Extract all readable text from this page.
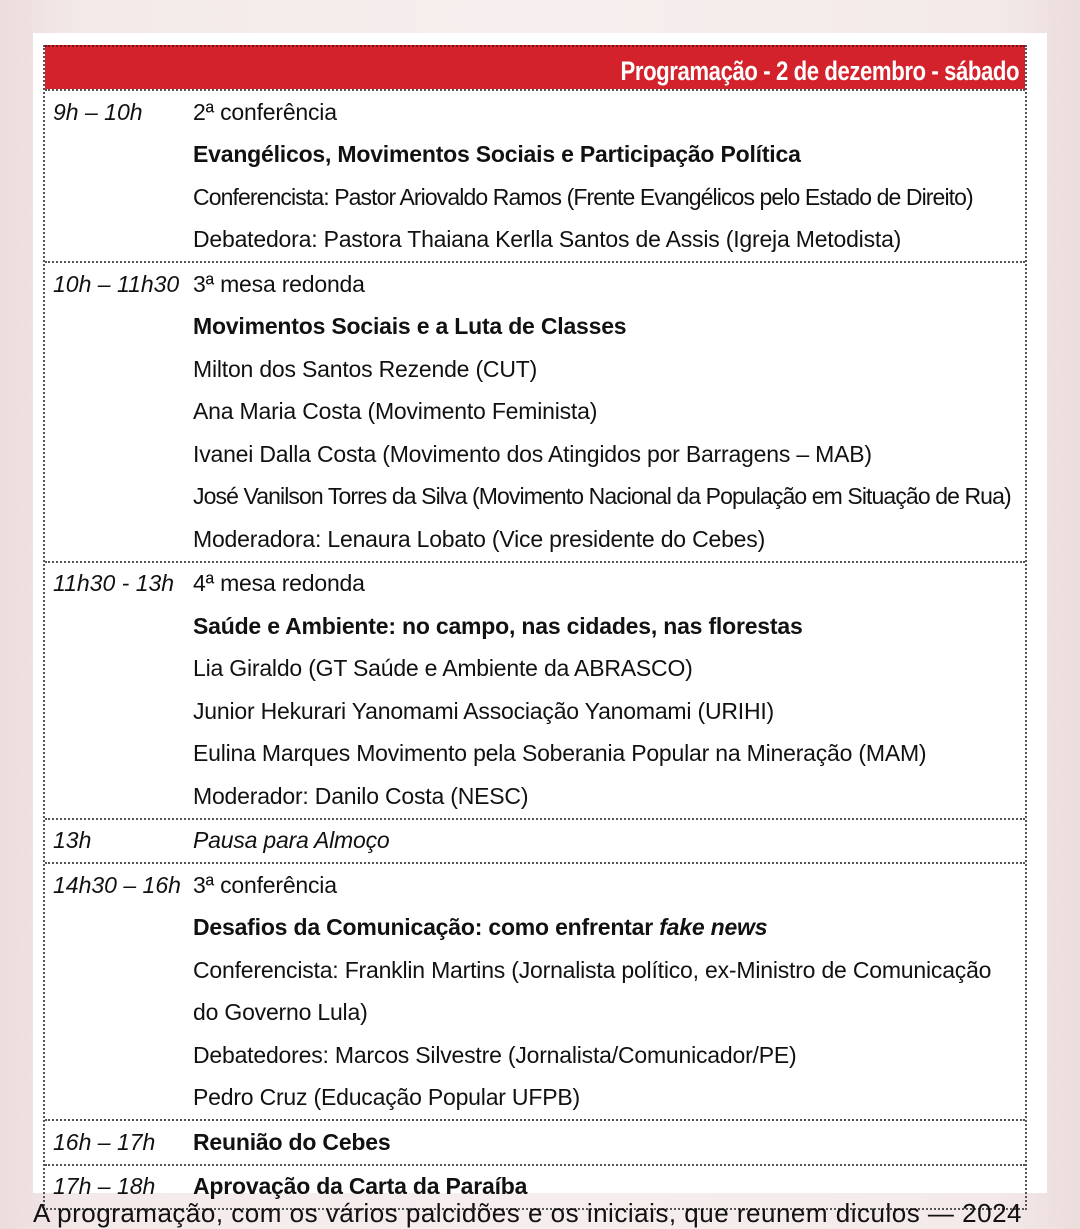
Programação - 2 de dezembro - sábado
9h – 10h	2ª conferência
Evangélicos, Movimentos Sociais e Participação Política
Conferencista: Pastor Ariovaldo Ramos (Frente Evangélicos pelo Estado de Direito)
Debatedora: Pastora Thaiana Kerlla Santos de Assis (Igreja Metodista)
10h – 11h30 3ª mesa redonda
Movimentos Sociais e a Luta de Classes
Milton dos Santos Rezende (CUT)
Ana Maria Costa (Movimento Feminista)
Ivanei Dalla Costa (Movimento dos Atingidos por Barragens – MAB)
José Vanilson Torres da Silva (Movimento Nacional da População em Situação de Rua)
Moderadora: Lenaura Lobato (Vice presidente do Cebes)
11h30 - 13h 4ª mesa redonda
Saúde e Ambiente: no campo, nas cidades, nas florestas
Lia Giraldo (GT Saúde e Ambiente da ABRASCO)
Junior Hekurari Yanomami Associação Yanomami (URIHI)
Eulina Marques Movimento pela Soberania Popular na Mineração (MAM)
Moderador: Danilo Costa (NESC)
13h	Pausa para Almoço
14h30 – 16h 3ª conferência
Desafios da Comunicação: como enfrentar fake news
Conferencista: Franklin Martins (Jornalista político, ex-Ministro de Comunicação
do Governo Lula)
Debatedores: Marcos Silvestre (Jornalista/Comunicador/PE)
Pedro Cruz (Educação Popular UFPB)
16h – 17h	Reunião do Cebes
17h – 18h	Aprovação da Carta da Paraíba
A programação, com os vários palcidões e os iniciais, que reunem diculos — 2024
